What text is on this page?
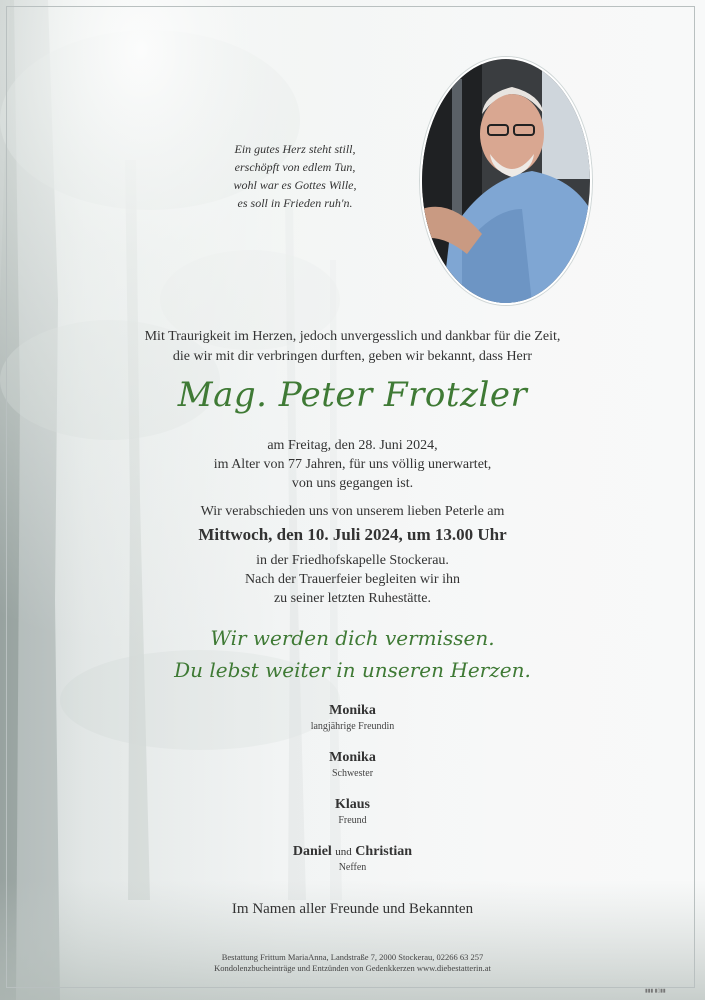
Ein gutes Herz steht still,
erschöpft von edlem Tun,
wohl war es Gottes Wille,
es soll in Frieden ruh'n.
Mit Traurigkeit im Herzen, jedoch unvergesslich und dankbar für die Zeit,
die wir mit dir verbringen durften, geben wir bekannt, dass Herr
Mag. Peter Frotzler
am Freitag, den 28. Juni 2024,
im Alter von 77 Jahren, für uns völlig unerwartet,
von uns gegangen ist.
Wir verabschieden uns von unserem lieben Peterle am
Mittwoch, den 10. Juli 2024, um 13.00 Uhr
in der Friedhofskapelle Stockerau.
Nach der Trauerfeier begleiten wir ihn
zu seiner letzten Ruhestätte.
Wir werden dich vermissen.
Du lebst weiter in unseren Herzen.
Monika
langjährige Freundin
Monika
Schwester
Klaus
Freund
Daniel und Christian
Neffen
Im Namen aller Freunde und Bekannten
Bestattung Frittum MariaAnna, Landstraße 7, 2000 Stockerau, 02266 63 257
Kondolenzbucheinträge und Entzünden von Gedenkkerzen www.diebestatterin.at
▮▮▮ ▮▯▮▮
